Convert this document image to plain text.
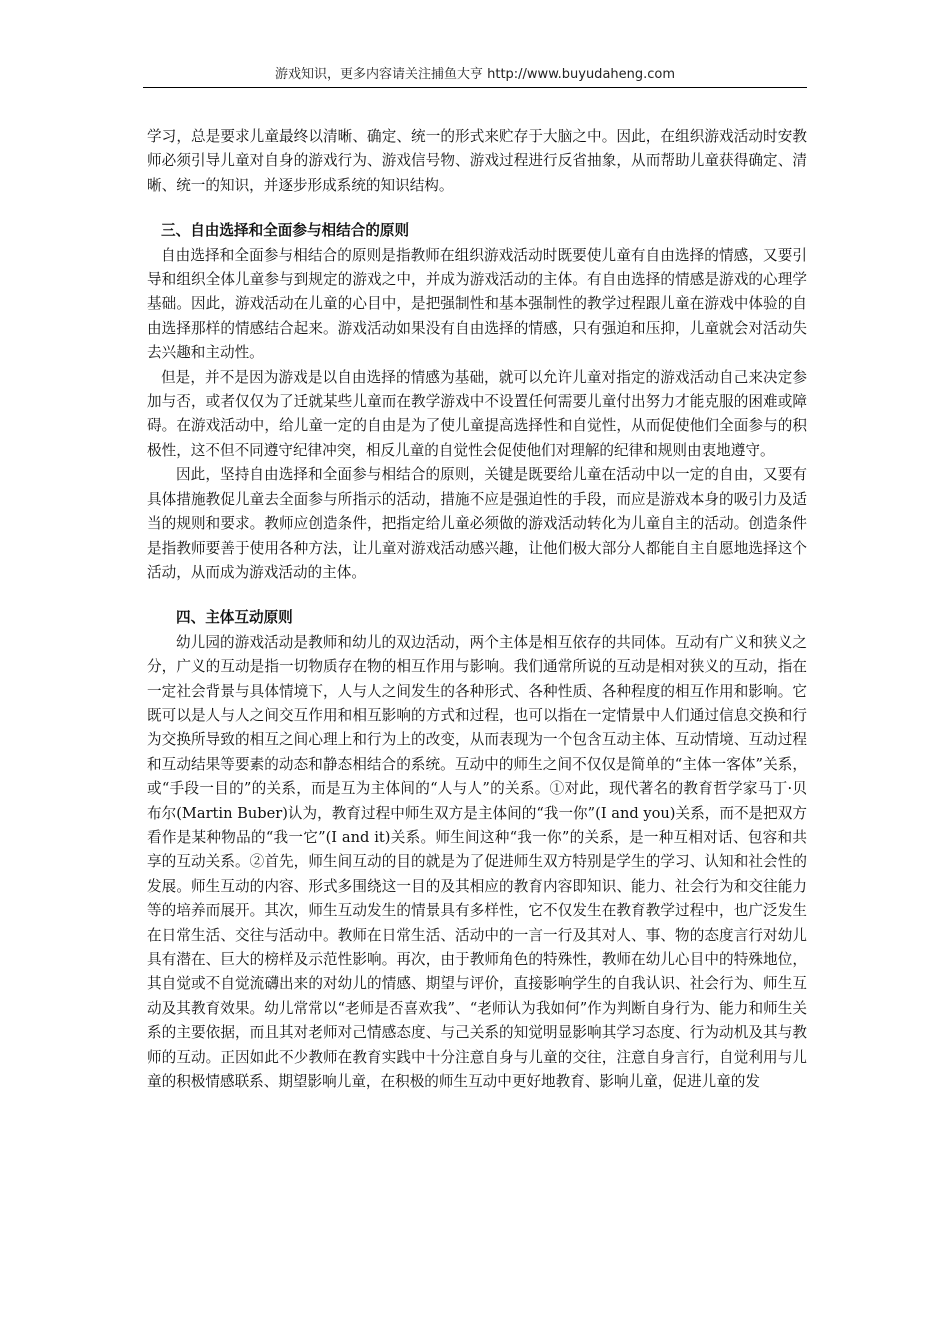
游戏知识，更多内容请关注捕鱼大亨 http://www.buyudaheng.com

学习，总是要求儿童最终以清晰、确定、统一的形式来贮存于大脑之中。因此，在组织游戏活动时安教师必须引导儿童对自身的游戏行为、游戏信号物、游戏过程进行反省抽象，从而帮助儿童获得确定、清晰、统一的知识，并逐步形成系统的知识结构。

三、自由选择和全面参与相结合的原则

自由选择和全面参与相结合的原则是指教师在组织游戏活动时既要使儿童有自由选择的情感，又要引导和组织全体儿童参与到规定的游戏之中，并成为游戏活动的主体。有自由选择的情感是游戏的心理学基础。因此，游戏活动在儿童的心目中，是把强制性和基本强制性的教学过程跟儿童在游戏中体验的自由选择那样的情感结合起来。游戏活动如果没有自由选择的情感，只有强迫和压抑，儿童就会对活动失去兴趣和主动性。

但是，并不是因为游戏是以自由选择的情感为基础，就可以允许儿童对指定的游戏活动自己来决定参加与否，或者仅仅为了迁就某些儿童而在教学游戏中不设置任何需要儿童付出努力才能克服的困难或障碍。在游戏活动中，给儿童一定的自由是为了使儿童提高选择性和自觉性，从而促使他们全面参与的积极性，这不但不同遵守纪律冲突，相反儿童的自觉性会促使他们对理解的纪律和规则由衷地遵守。

因此，坚持自由选择和全面参与相结合的原则，关键是既要给儿童在活动中以一定的自由，又要有具体措施教促儿童去全面参与所指示的活动，措施不应是强迫性的手段，而应是游戏本身的吸引力及适当的规则和要求。教师应创造条件，把指定给儿童必须做的游戏活动转化为儿童自主的活动。创造条件是指教师要善于使用各种方法，让儿童对游戏活动感兴趣，让他们极大部分人都能自主自愿地选择这个活动，从而成为游戏活动的主体。

四、主体互动原则

幼儿园的游戏活动是教师和幼儿的双边活动，两个主体是相互依存的共同体。互动有广义和狭义之分，广义的互动是指一切物质存在物的相互作用与影响。我们通常所说的互动是相对狭义的互动，指在一定社会背景与具体情境下，人与人之间发生的各种形式、各种性质、各种程度的相互作用和影响。它既可以是人与人之间交互作用和相互影响的方式和过程，也可以指在一定情景中人们通过信息交换和行为交换所导致的相互之间心理上和行为上的改变，从而表现为一个包含互动主体、互动情境、互动过程和互动结果等要素的动态和静态相结合的系统。互动中的师生之间不仅仅是简单的“主体一客体”关系，或“手段一目的”的关系，而是互为主体间的“人与人”的关系。①对此，现代著名的教育哲学家马丁·贝布尔(Martin Buber)认为，教育过程中师生双方是主体间的“我一你”(I and you)关系，而不是把双方看作是某种物品的“我一它”(I and it)关系。师生间这种“我一你”的关系，是一种互相对话、包容和共享的互动关系。②首先，师生间互动的目的就是为了促进师生双方特别是学生的学习、认知和社会性的发展。师生互动的内容、形式多围绕这一目的及其相应的教育内容即知识、能力、社会行为和交往能力等的培养而展开。其次，师生互动发生的情景具有多样性，它不仅发生在教育教学过程中，也广泛发生在日常生活、交往与活动中。教师在日常生活、活动中的一言一行及其对人、事、物的态度言行对幼儿具有潜在、巨大的榜样及示范性影响。再次，由于教师角色的特殊性，教师在幼儿心目中的特殊地位，其自觉或不自觉流礴出来的对幼儿的情感、期望与评价，直接影响学生的自我认识、社会行为、师生互动及其教育效果。幼儿常常以“老师是否喜欢我”、“老师认为我如何”作为判断自身行为、能力和师生关系的主要依据，而且其对老师对己情感态度、与己关系的知觉明显影响其学习态度、行为动机及其与教师的互动。正因如此不少教师在教育实践中十分注意自身与儿童的交往，注意自身言行，自觉利用与儿童的积极情感联系、期望影响儿童，在积极的师生互动中更好地教育、影响儿童，促进儿童的发
